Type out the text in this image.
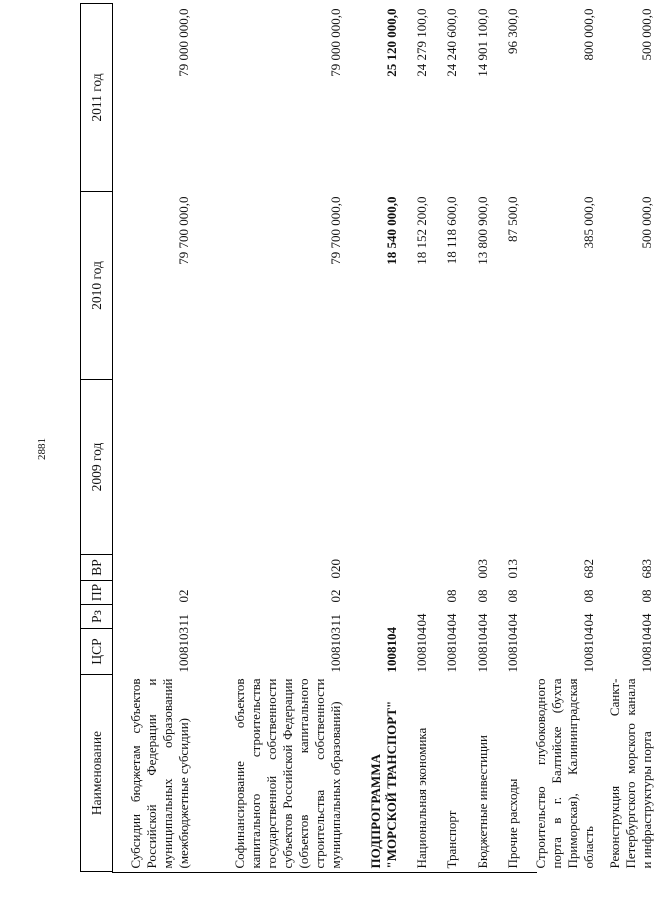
2881
Наименование	ЦСР	Рз	ПР	ВР	2009 год	2010 год	2011 год
Субсидии бюджетам субъектов Российской Федерации и муниципальных образований (межбюджетные субсидии)	1008103	11	02			79 700 000,0	79 000 000,0
Софинансирование объектов капитального строительства государственной собственности субъектов Российской Федерации (объектов капитального строительства собственности муниципальных образований)	1008103	11	02	020		79 700 000,0	79 000 000,0
ПОДПРОГРАММА "МОРСКОЙ ТРАНСПОРТ"	1008104					18 540 000,0	25 120 000,0
Национальная экономика	1008104	04				18 152 200,0	24 279 100,0
Транспорт	1008104	04	08			18 118 600,0	24 240 600,0
Бюджетные инвестиции	1008104	04	08	003		13 800 900,0	14 901 100,0
Прочие расходы	1008104	04	08	013		87 500,0	96 300,0
Строительство глубоководного порта в г. Балтийске (бухта Приморская), Калининградская область	1008104	04	08	682		385 000,0	800 000,0
Реконструкция Санкт-Петербургского морского канала и инфраструктуры порта	1008104	04	08	683		500 000,0	500 000,0
